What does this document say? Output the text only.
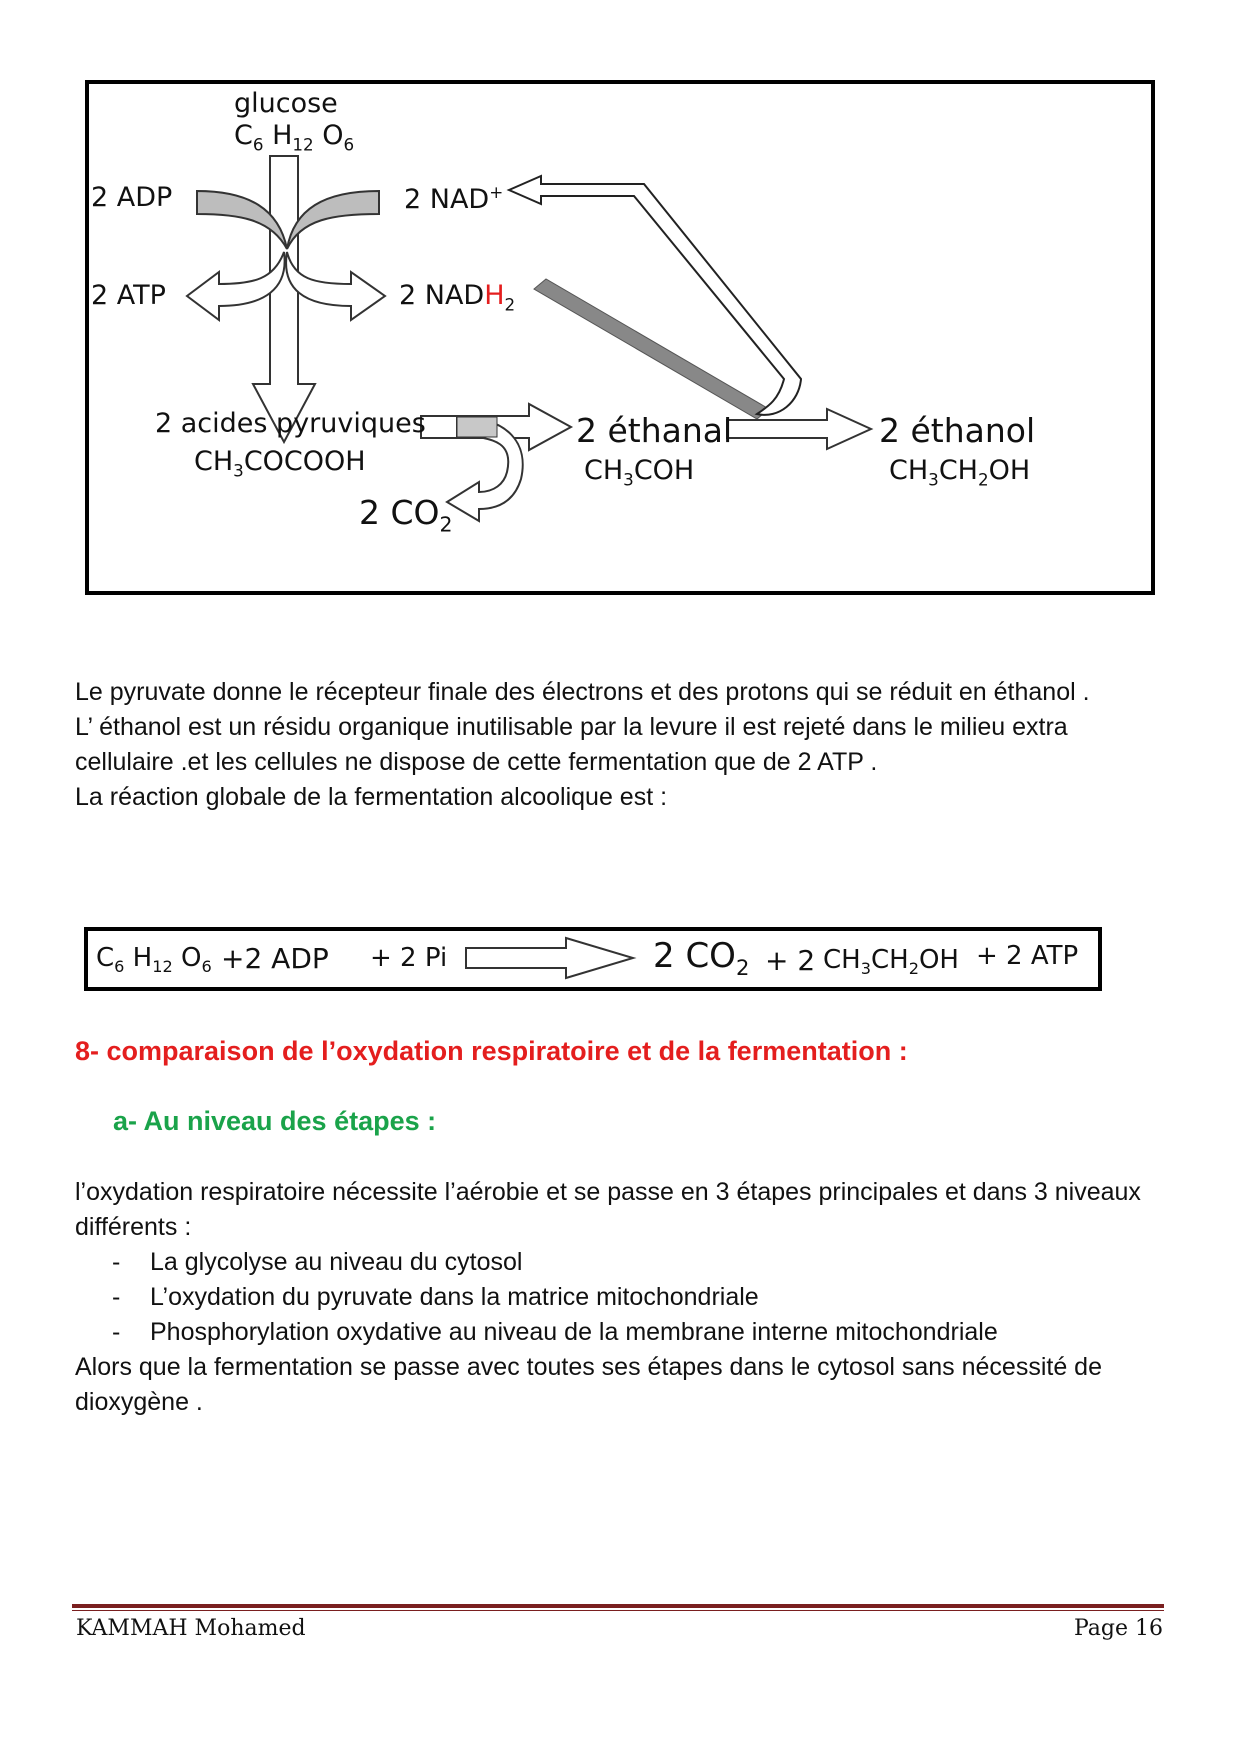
glucose
$C_6$ $H_{12}$ $O_6$
2 ADP
2 ATP
2 NAD+
2 $NADH_2$
2 acides pyruviques
$CH_3COCOOH$
2 $CO_2$
2 éthanal
$CH_3COH$
2 éthanol
$CH_3CH_2OH$

Le pyruvate donne le récepteur finale des électrons et des protons qui se réduit en éthanol .

L’ éthanol est un résidu organique inutilisable par la levure il est rejeté dans le milieu extra cellulaire .et les cellules ne dispose de cette fermentation que de 2 ATP .

La réaction globale de la fermentation alcoolique est :

$C_6$ $H_{12}$ $O_6 +2$ ADP + 2 Pi	2 $CO_2 + 2$ $CH_3CH_2OH + 2$ ATP
8- comparaison de l’oxydation respiratoire et de la fermentation :
a- Au niveau des étapes :

l’oxydation respiratoire nécessite l’aérobie et se passe en 3 étapes principales et dans 3 niveaux différents :

- La glycolyse au niveau du cytosol
- L’oxydation du pyruvate dans la matrice mitochondriale
- Phosphorylation oxydative au niveau de la membrane interne mitochondriale

Alors que la fermentation se passe avec toutes ses étapes dans le cytosol sans nécessité de dioxygène .

KAMMAH Mohamed	Page 16
